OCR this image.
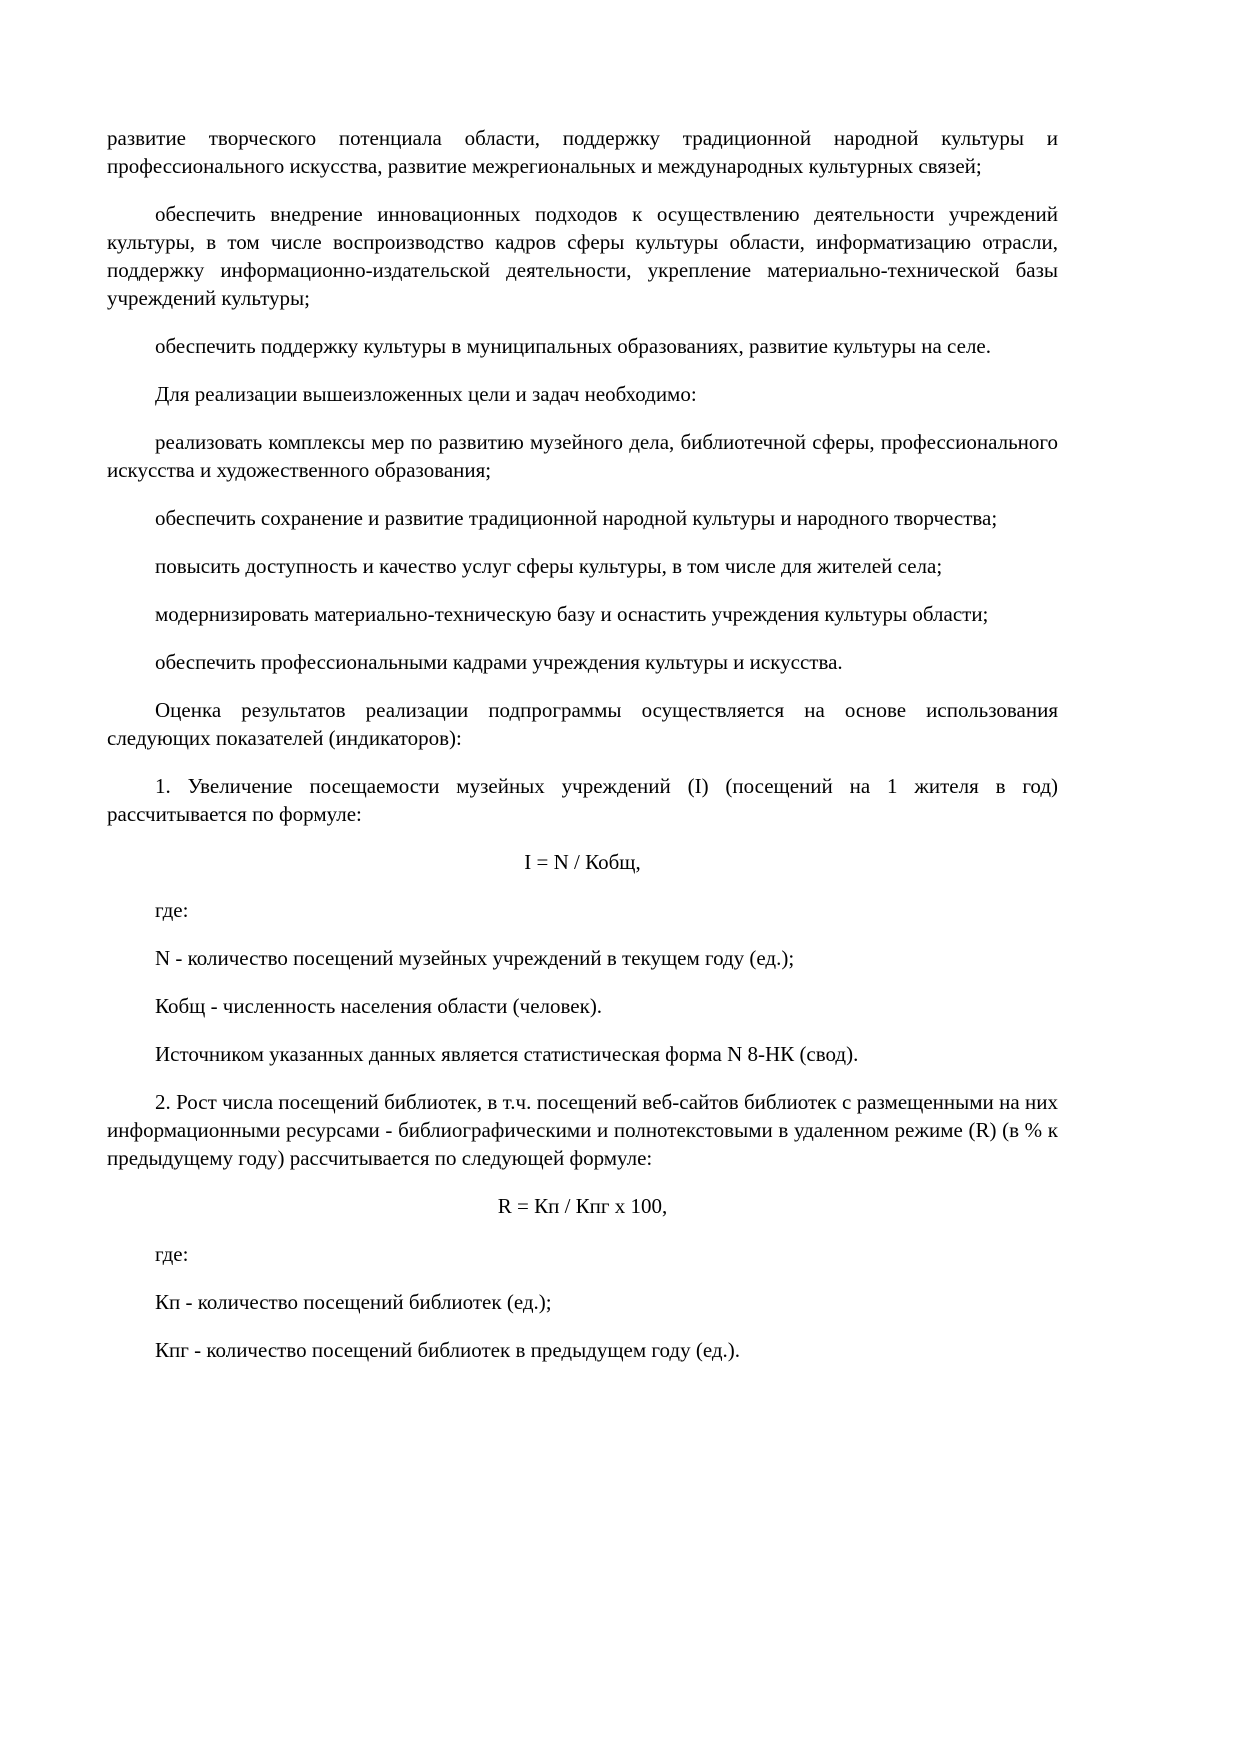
развитие творческого потенциала области, поддержку традиционной народной культуры и профессионального искусства, развитие межрегиональных и международных культурных связей;

обеспечить внедрение инновационных подходов к осуществлению деятельности учреждений культуры, в том числе воспроизводство кадров сферы культуры области, информатизацию отрасли, поддержку информационно-издательской деятельности, укрепление материально-технической базы учреждений культуры;

обеспечить поддержку культуры в муниципальных образованиях, развитие культуры на селе.

Для реализации вышеизложенных цели и задач необходимо:

реализовать комплексы мер по развитию музейного дела, библиотечной сферы, профессионального искусства и художественного образования;

обеспечить сохранение и развитие традиционной народной культуры и народного творчества;

повысить доступность и качество услуг сферы культуры, в том числе для жителей села;

модернизировать материально-техническую базу и оснастить учреждения культуры области;

обеспечить профессиональными кадрами учреждения культуры и искусства.

Оценка результатов реализации подпрограммы осуществляется на основе использования следующих показателей (индикаторов):

1. Увеличение посещаемости музейных учреждений (I) (посещений на 1 жителя в год) рассчитывается по формуле:

I = N / Кобщ,

где:

N - количество посещений музейных учреждений в текущем году (ед.);

Кобщ - численность населения области (человек).

Источником указанных данных является статистическая форма N 8-НК (свод).

2. Рост числа посещений библиотек, в т.ч. посещений веб-сайтов библиотек с размещенными на них информационными ресурсами - библиографическими и полнотекстовыми в удаленном режиме (R) (в % к предыдущему году) рассчитывается по следующей формуле:

R = Кп / Кпг x 100,

где:

Кп - количество посещений библиотек (ед.);

Кпг - количество посещений библиотек в предыдущем году (ед.).
